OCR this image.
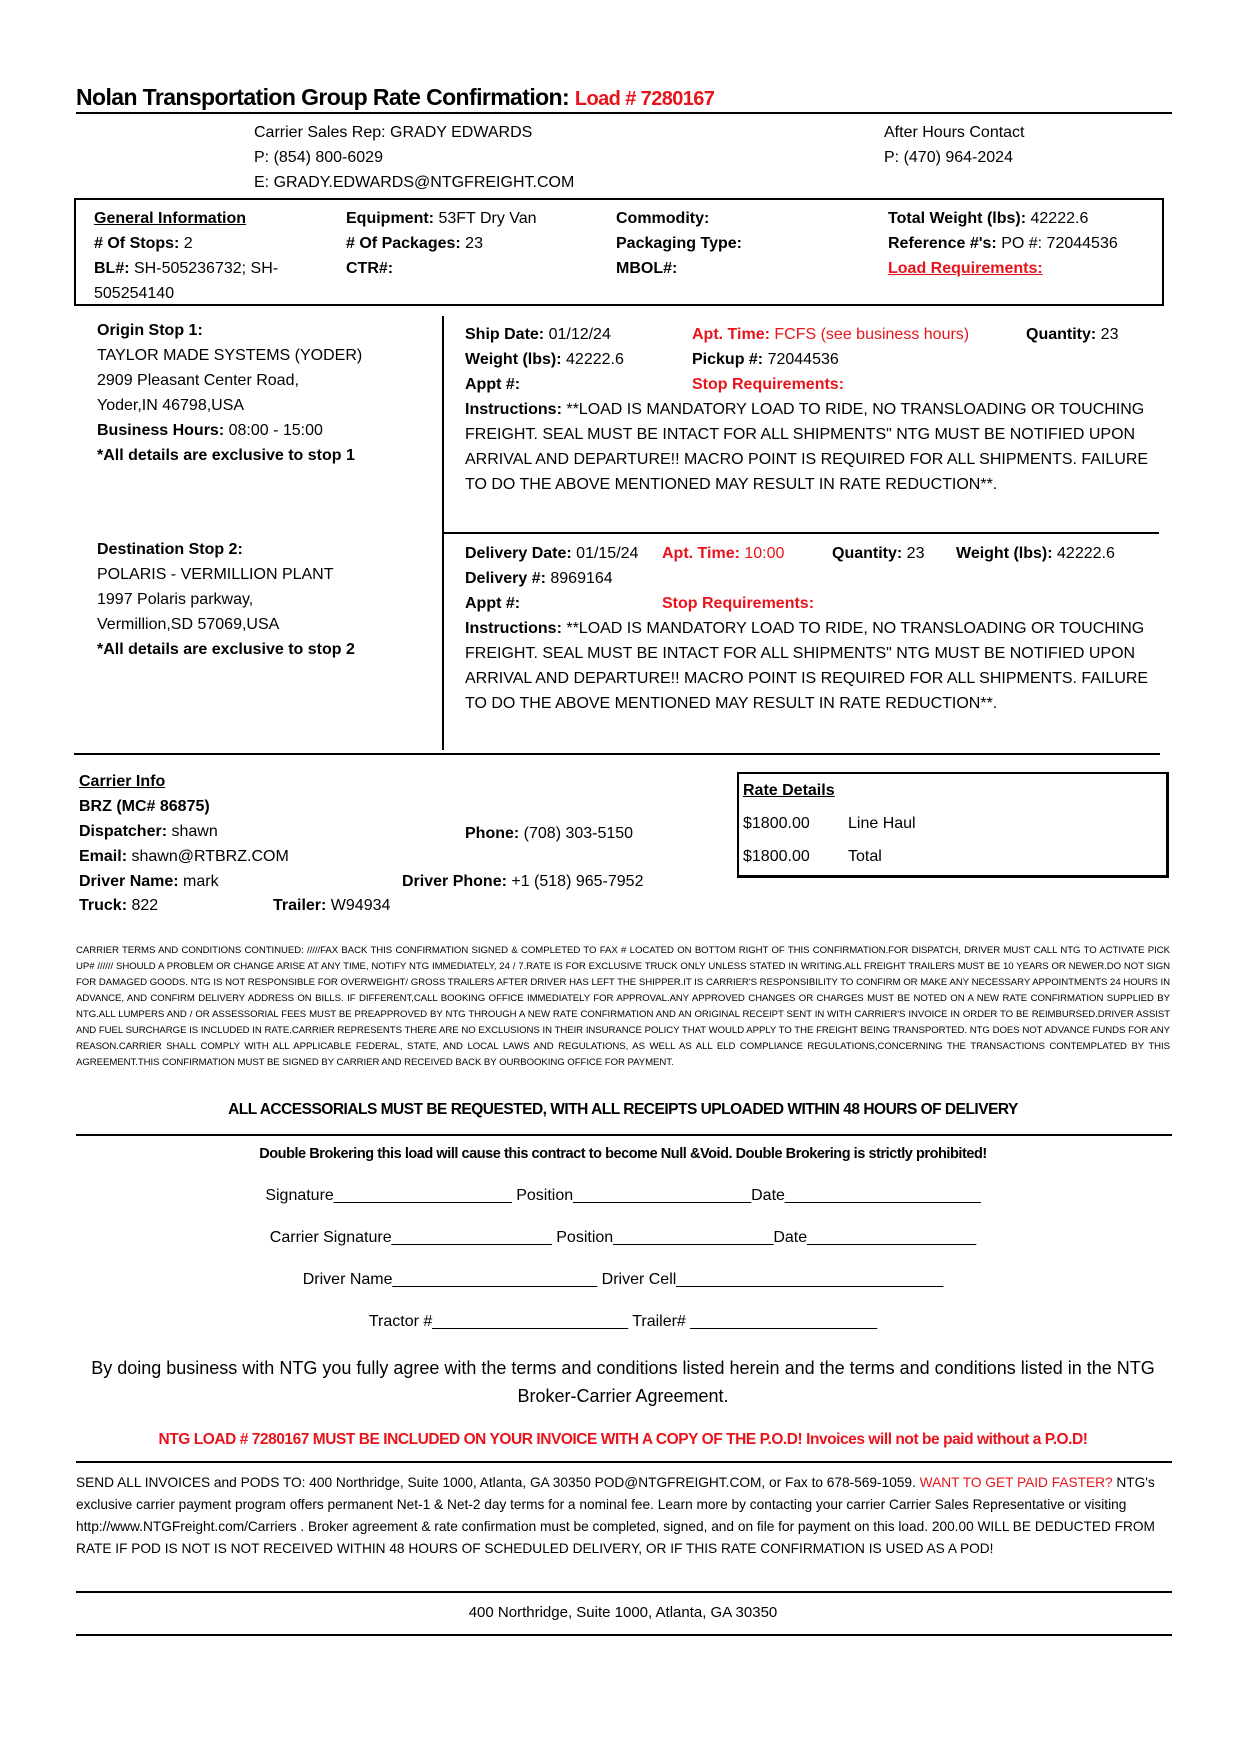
Nolan Transportation Group Rate Confirmation: Load # 7280167
Carrier Sales Rep: GRADY EDWARDS
P: (854) 800-6029
E: GRADY.EDWARDS@NTGFREIGHT.COM
After Hours Contact
P: (470) 964-2024
General Information
# Of Stops: 2
BL#: SH-505236732; SH-
505254140
Equipment: 53FT Dry Van
# Of Packages: 23
CTR#:
Commodity:
Packaging Type:
MBOL#:
Total Weight (lbs): 42222.6
Reference #'s: PO #: 72044536
Load Requirements:
Origin Stop 1:
TAYLOR MADE SYSTEMS (YODER)
2909 Pleasant Center Road,
Yoder,IN 46798,USA
Business Hours: 08:00 - 15:00
*All details are exclusive to stop 1
Ship Date: 01/12/24	Apt. Time: FCFS (see business hours)	Quantity: 23
Weight (lbs): 42222.6	Pickup #: 72044536
Appt #:	Stop Requirements:
Instructions: **LOAD IS MANDATORY LOAD TO RIDE, NO TRANSLOADING OR TOUCHING FREIGHT. SEAL MUST BE INTACT FOR ALL SHIPMENTS" NTG MUST BE NOTIFIED UPON ARRIVAL AND DEPARTURE!! MACRO POINT IS REQUIRED FOR ALL SHIPMENTS. FAILURE TO DO THE ABOVE MENTIONED MAY RESULT IN RATE REDUCTION**.
Destination Stop 2:
POLARIS - VERMILLION PLANT
1997 Polaris parkway,
Vermillion,SD 57069,USA
*All details are exclusive to stop 2
Delivery Date: 01/15/24 Apt. Time: 10:00	Quantity: 23 Weight (lbs): 42222.6
Delivery #: 8969164
Appt #:	Stop Requirements:
Instructions: **LOAD IS MANDATORY LOAD TO RIDE, NO TRANSLOADING OR TOUCHING FREIGHT. SEAL MUST BE INTACT FOR ALL SHIPMENTS" NTG MUST BE NOTIFIED UPON ARRIVAL AND DEPARTURE!! MACRO POINT IS REQUIRED FOR ALL SHIPMENTS. FAILURE TO DO THE ABOVE MENTIONED MAY RESULT IN RATE REDUCTION**.
Carrier Info
BRZ (MC# 86875)
Dispatcher: shawn	Phone: (708) 303-5150
Email: shawn@RTBRZ.COM
Driver Name: mark	Driver Phone: +1 (518) 965-7952
Truck: 822	Trailer: W94934
Rate Details
$1800.00 Line Haul
$1800.00 Total
CARRIER TERMS AND CONDITIONS CONTINUED: /////FAX BACK THIS CONFIRMATION SIGNED & COMPLETED TO FAX # LOCATED ON BOTTOM RIGHT OF THIS CONFIRMATION.FOR DISPATCH, DRIVER MUST CALL NTG TO ACTIVATE PICK UP# ////// SHOULD A PROBLEM OR CHANGE ARISE AT ANY TIME, NOTIFY NTG IMMEDIATELY, 24 / 7.RATE IS FOR EXCLUSIVE TRUCK ONLY UNLESS STATED IN WRITING.ALL FREIGHT TRAILERS MUST BE 10 YEARS OR NEWER.DO NOT SIGN FOR DAMAGED GOODS. NTG IS NOT RESPONSIBLE FOR OVERWEIGHT/ GROSS TRAILERS AFTER DRIVER HAS LEFT THE SHIPPER.IT IS CARRIER'S RESPONSIBILITY TO CONFIRM OR MAKE ANY NECESSARY APPOINTMENTS 24 HOURS IN ADVANCE, AND CONFIRM DELIVERY ADDRESS ON BILLS. IF DIFFERENT,CALL BOOKING OFFICE IMMEDIATELY FOR APPROVAL.ANY APPROVED CHANGES OR CHARGES MUST BE NOTED ON A NEW RATE CONFIRMATION SUPPLIED BY NTG.ALL LUMPERS AND / OR ASSESSORIAL FEES MUST BE PREAPPROVED BY NTG THROUGH A NEW RATE CONFIRMATION AND AN ORIGINAL RECEIPT SENT IN WITH CARRIER'S INVOICE IN ORDER TO BE REIMBURSED.DRIVER ASSIST AND FUEL SURCHARGE IS INCLUDED IN RATE.CARRIER REPRESENTS THERE ARE NO EXCLUSIONS IN THEIR INSURANCE POLICY THAT WOULD APPLY TO THE FREIGHT BEING TRANSPORTED. NTG DOES NOT ADVANCE FUNDS FOR ANY REASON.CARRIER SHALL COMPLY WITH ALL APPLICABLE FEDERAL, STATE, AND LOCAL LAWS AND REGULATIONS, AS WELL AS ALL ELD COMPLIANCE REGULATIONS,CONCERNING THE TRANSACTIONS CONTEMPLATED BY THIS AGREEMENT.THIS CONFIRMATION MUST BE SIGNED BY CARRIER AND RECEIVED BACK BY OURBOOKING OFFICE FOR PAYMENT.
ALL ACCESSORIALS MUST BE REQUESTED, WITH ALL RECEIPTS UPLOADED WITHIN 48 HOURS OF DELIVERY
Double Brokering this load will cause this contract to become Null &Void. Double Brokering is strictly prohibited!
Signature____________________ Position____________________Date______________________
Carrier Signature__________________ Position__________________Date___________________
Driver Name_______________________ Driver Cell______________________________
Tractor #______________________ Trailer# _____________________
By doing business with NTG you fully agree with the terms and conditions listed herein and the terms and conditions listed in the NTG Broker-Carrier Agreement.
NTG LOAD # 7280167 MUST BE INCLUDED ON YOUR INVOICE WITH A COPY OF THE P.O.D! Invoices will not be paid without a P.O.D!
SEND ALL INVOICES and PODS TO: 400 Northridge, Suite 1000, Atlanta, GA 30350 POD@NTGFREIGHT.COM, or Fax to 678-569-1059. WANT TO GET PAID FASTER? NTG's exclusive carrier payment program offers permanent Net-1 & Net-2 day terms for a nominal fee. Learn more by contacting your carrier Carrier Sales Representative or visiting http://www.NTGFreight.com/Carriers . Broker agreement & rate confirmation must be completed, signed, and on file for payment on this load. 200.00 WILL BE DEDUCTED FROM RATE IF POD IS NOT IS NOT RECEIVED WITHIN 48 HOURS OF SCHEDULED DELIVERY, OR IF THIS RATE CONFIRMATION IS USED AS A POD!
400 Northridge, Suite 1000, Atlanta, GA 30350
